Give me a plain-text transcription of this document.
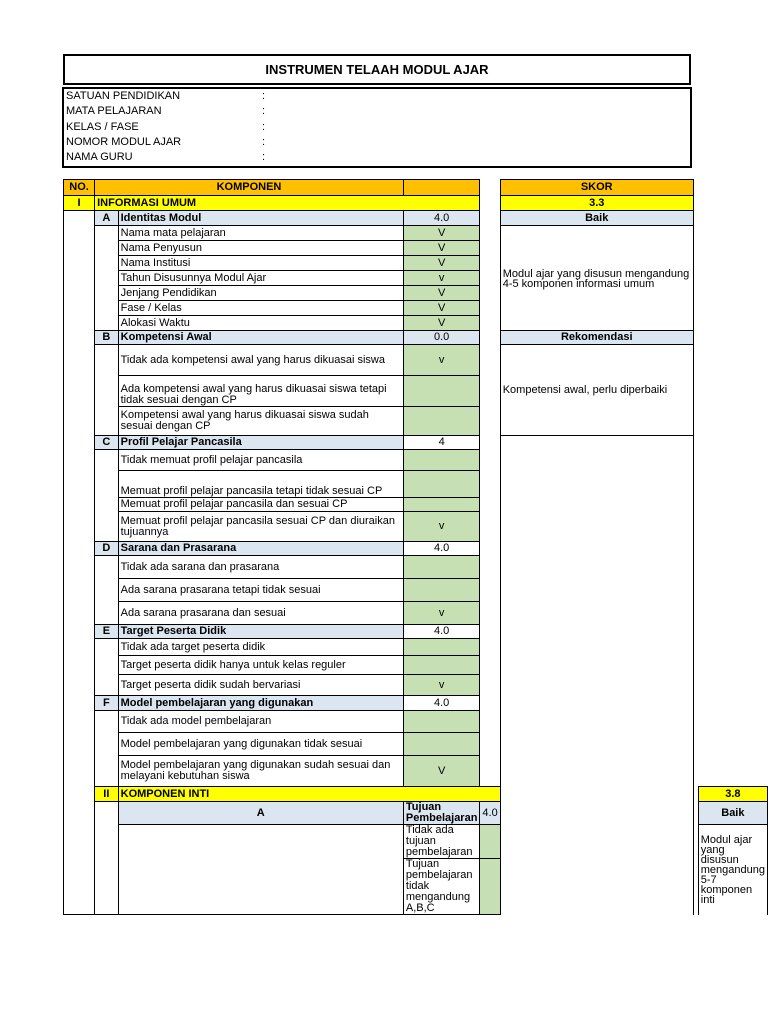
INSTRUMEN TELAAH MODUL AJAR
SATUAN PENDIDIKAN	:
MATA PELAJARAN	:
KELAS / FASE	:
NOMOR MODUL AJAR	:
NAMA GURU	:
NO.	KOMPONEN				SKOR		
I	INFORMASI UMUM				3.3		
	A	Identitas Modul	4.0		Baik		
		Nama mata pelajaran	V		Modul ajar yang disusun mengandung 4-5 komponen informasi umum		
		Nama Penyusun	V				
		Nama Institusi	V				
		Tahun Disusunnya Modul Ajar	v				
		Jenjang Pendidikan	V				
		Fase / Kelas	V				
		Alokasi Waktu	V				
	B	Kompetensi Awal	0.0		Rekomendasi		
		Tidak ada kompetensi awal yang harus dikuasai siswa	v		Kompetensi awal, perlu diperbaiki		
		Ada kompetensi awal yang harus dikuasai siswa tetapi tidak sesuai dengan CP					
		Kompetensi awal yang harus dikuasai siswa sudah sesuai dengan CP					
	C	Profil Pelajar Pancasila	4				
		Tidak memuat profil pelajar pancasila					
		Memuat profil pelajar pancasila tetapi tidak sesuai CP					
		Memuat profil pelajar pancasila dan sesuai CP					
		Memuat profil pelajar pancasila sesuai CP dan diuraikan tujuannya	v				
	D	Sarana dan Prasarana	4.0				
		Tidak ada sarana dan prasarana					
		Ada sarana prasarana tetapi tidak sesuai					
		Ada sarana prasarana dan sesuai	v				
	E	Target Peserta Didik	4.0				
		Tidak ada target peserta didik					
		Target peserta didik hanya untuk kelas reguler					
		Target peserta didik sudah bervariasi	v				
	F	Model pembelajaran yang digunakan	4.0				
		Tidak ada model pembelajaran					
		Model pembelajaran yang digunakan tidak sesuai					
		Model pembelajaran yang digunakan sudah sesuai dan melayani kebutuhan siswa	V				
	II	KOMPONEN INTI					3.8
		A	Tujuan Pembelajaran	4.0			Baik
			Tidak ada tujuan pembelajaran				Modul ajar yang disusun mengandung 5-7 komponen inti
			Tujuan pembelajaran tidak mengandung A,B,C				
